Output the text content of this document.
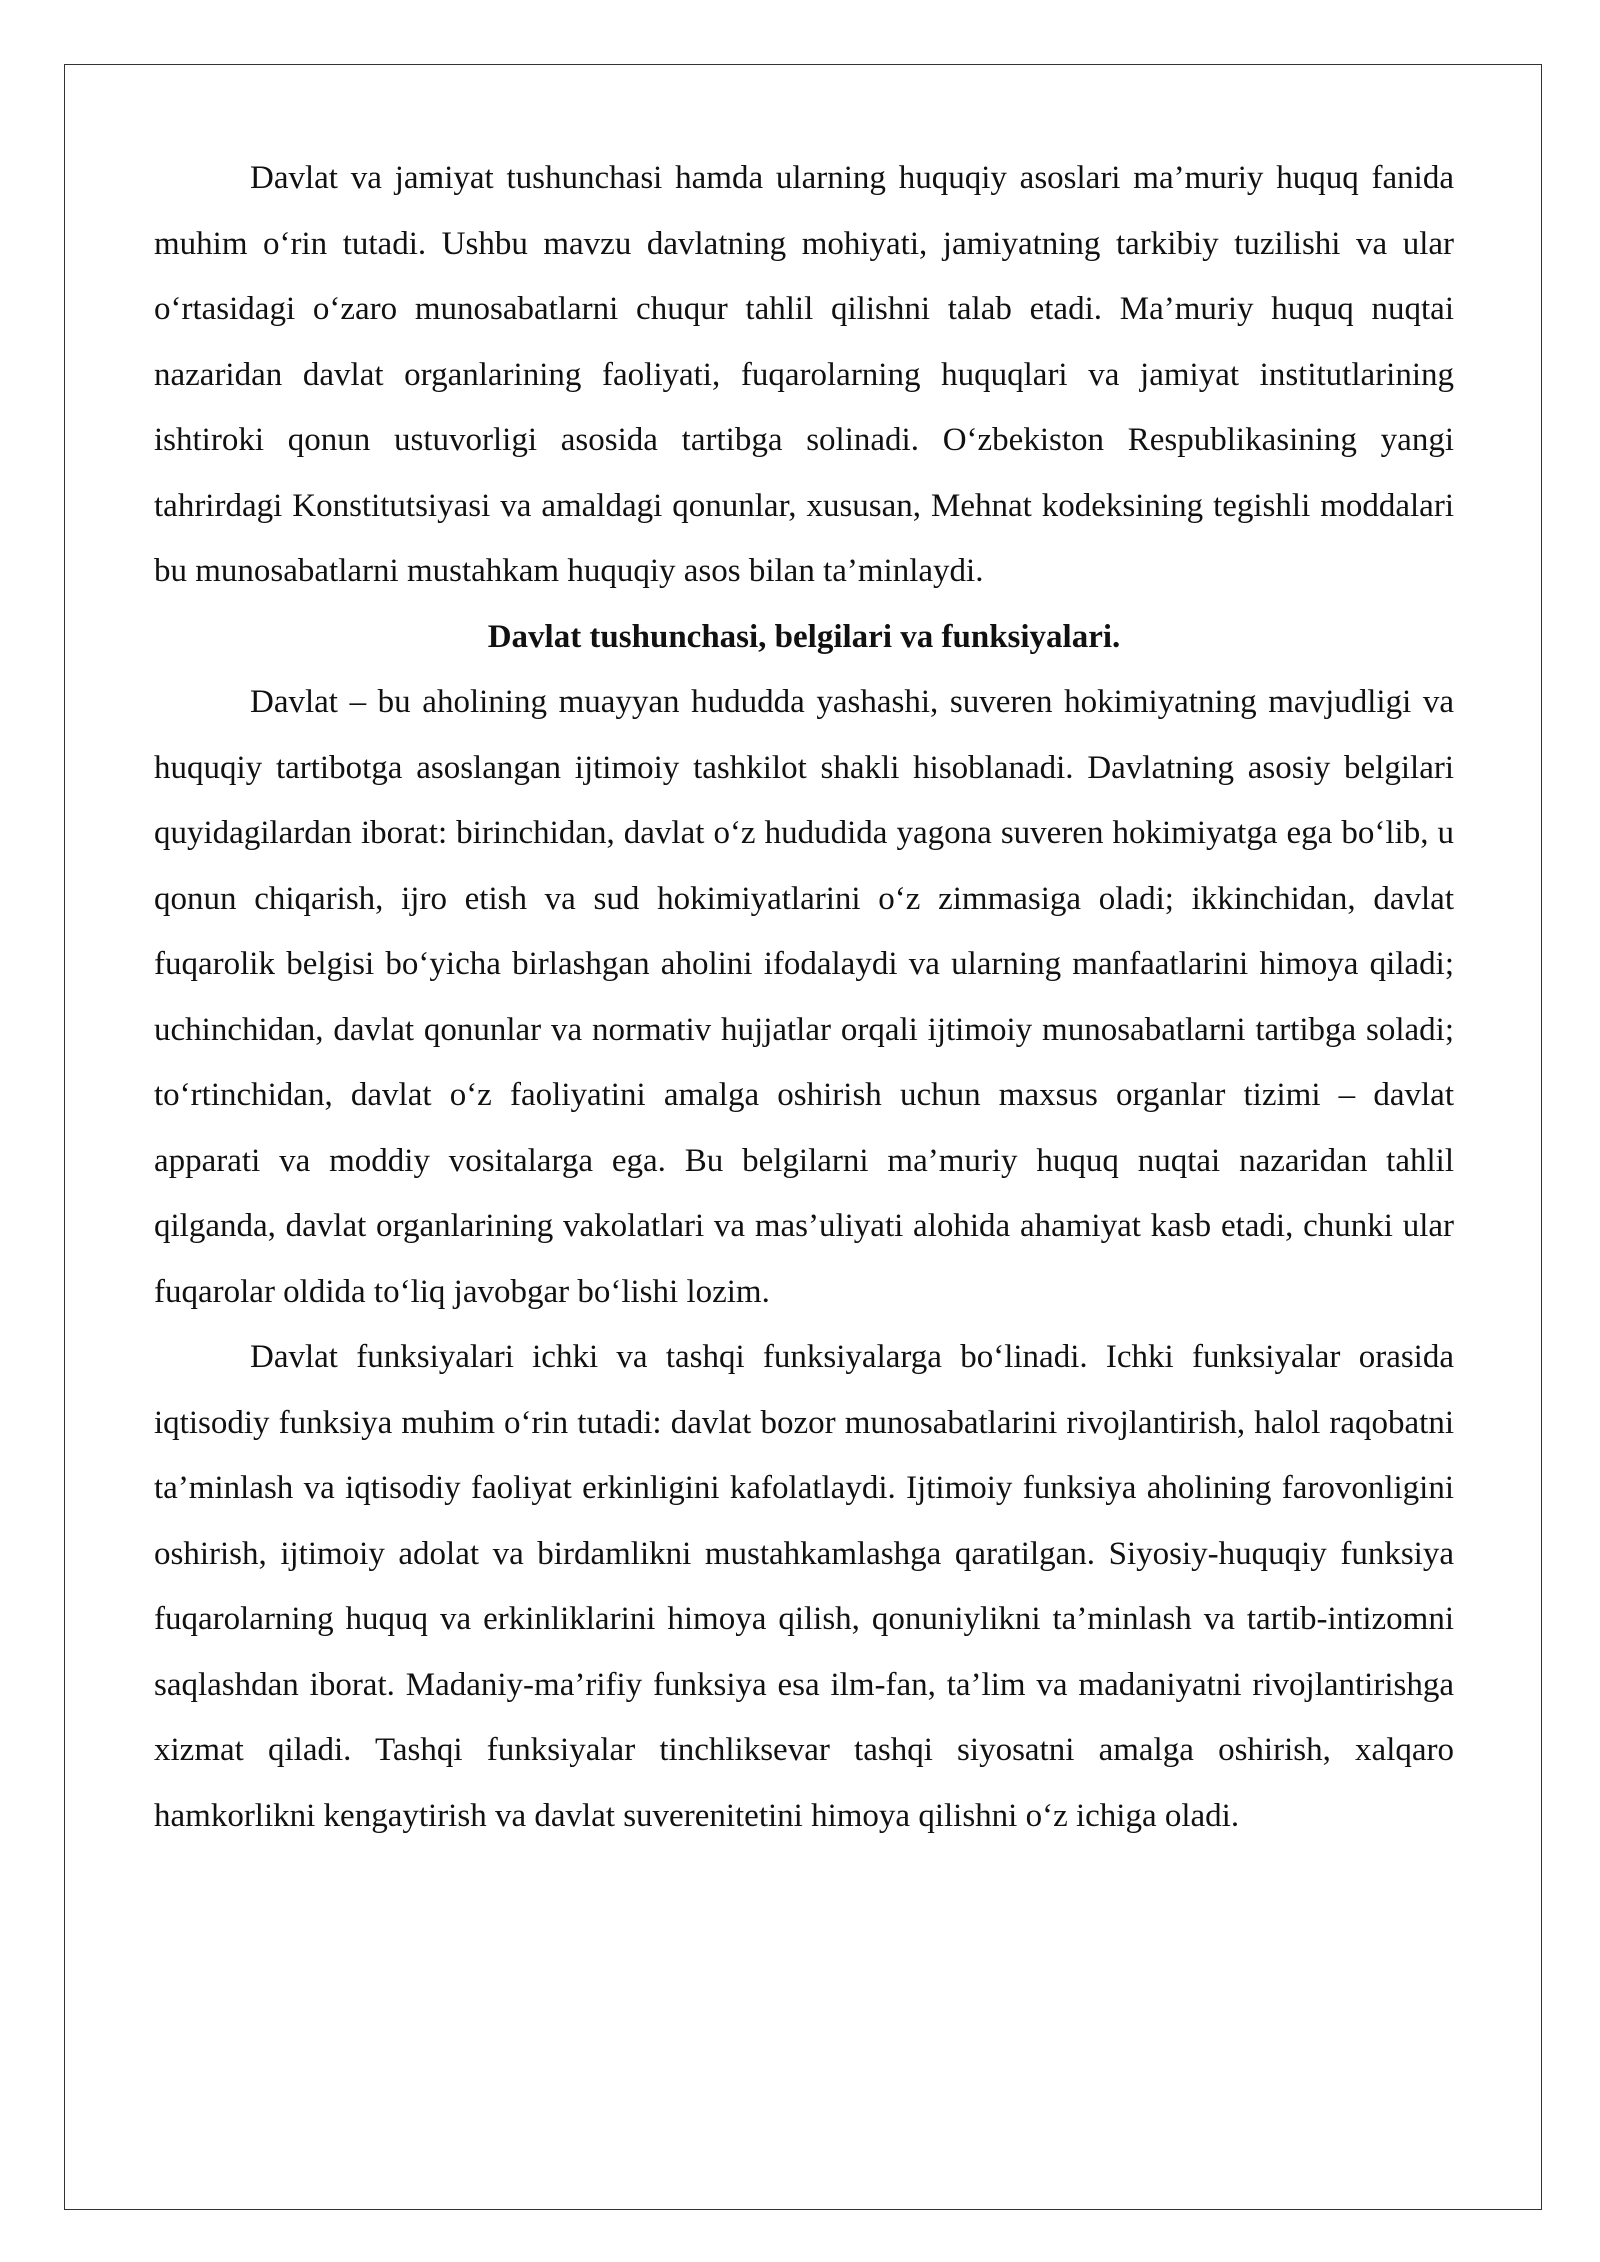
Davlat va jamiyat tushunchasi hamda ularning huquqiy asoslari ma’muriy huquq fanida muhim o‘rin tutadi. Ushbu mavzu davlatning mohiyati, jamiyatning tarkibiy tuzilishi va ular o‘rtasidagi o‘zaro munosabatlarni chuqur tahlil qilishni talab etadi. Ma’muriy huquq nuqtai nazaridan davlat organlarining faoliyati, fuqarolarning huquqlari va jamiyat institutlarining ishtiroki qonun ustuvorligi asosida tartibga solinadi. O‘zbekiston Respublikasining yangi tahrirdagi Konstitutsiyasi va amaldagi qonunlar, xususan, Mehnat kodeksining tegishli moddalari bu munosabatlarni mustahkam huquqiy asos bilan ta’minlaydi.

Davlat tushunchasi, belgilari va funksiyalari.

Davlat – bu aholining muayyan hududda yashashi, suveren hokimiyatning mavjudligi va huquqiy tartibotga asoslangan ijtimoiy tashkilot shakli hisoblanadi. Davlatning asosiy belgilari quyidagilardan iborat: birinchidan, davlat o‘z hududida yagona suveren hokimiyatga ega bo‘lib, u qonun chiqarish, ijro etish va sud hokimiyatlarini o‘z zimmasiga oladi; ikkinchidan, davlat fuqarolik belgisi bo‘yicha birlashgan aholini ifodalaydi va ularning manfaatlarini himoya qiladi; uchinchidan, davlat qonunlar va normativ hujjatlar orqali ijtimoiy munosabatlarni tartibga soladi; to‘rtinchidan, davlat o‘z faoliyatini amalga oshirish uchun maxsus organlar tizimi – davlat apparati va moddiy vositalarga ega. Bu belgilarni ma’muriy huquq nuqtai nazaridan tahlil qilganda, davlat organlarining vakolatlari va mas’uliyati alohida ahamiyat kasb etadi, chunki ular fuqarolar oldida to‘liq javobgar bo‘lishi lozim.

Davlat funksiyalari ichki va tashqi funksiyalarga bo‘linadi. Ichki funksiyalar orasida iqtisodiy funksiya muhim o‘rin tutadi: davlat bozor munosabatlarini rivojlantirish, halol raqobatni ta’minlash va iqtisodiy faoliyat erkinligini kafolatlaydi. Ijtimoiy funksiya aholining farovonligini oshirish, ijtimoiy adolat va birdamlikni mustahkamlashga qaratilgan. Siyosiy-huquqiy funksiya fuqarolarning huquq va erkinliklarini himoya qilish, qonuniylikni ta’minlash va tartib-intizomni saqlashdan iborat. Madaniy-ma’rifiy funksiya esa ilm-fan, ta’lim va madaniyatni rivojlantirishga xizmat qiladi. Tashqi funksiyalar tinchliksevar tashqi siyosatni amalga oshirish, xalqaro hamkorlikni kengaytirish va davlat suverenitetini himoya qilishni o‘z ichiga oladi.
